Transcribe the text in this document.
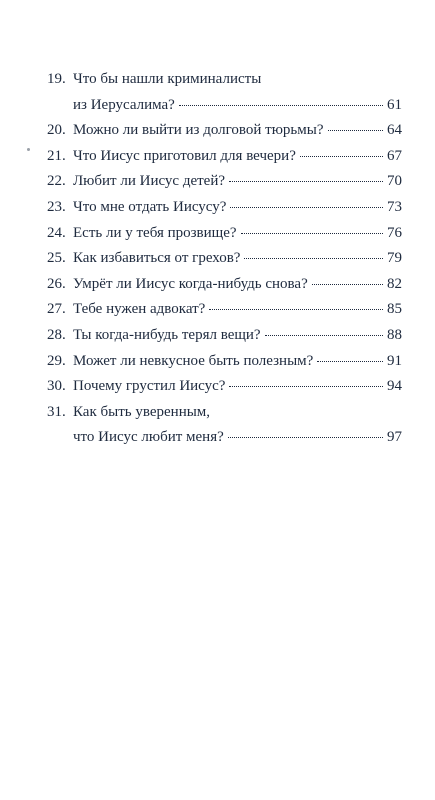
19. Что бы нашли криминалисты
из Иерусалима?	61
20. Можно ли выйти из долговой тюрьмы?	64
21. Что Иисус приготовил для вечери?	67
22. Любит ли Иисус детей?	70
23. Что мне отдать Иисусу?	73
24. Есть ли у тебя прозвище?	76
25. Как избавиться от грехов?	79
26. Умрёт ли Иисус когда-нибудь снова?	82
27. Тебе нужен адвокат?	85
28. Ты когда-нибудь терял вещи?	88
29. Может ли невкусное быть полезным?	91
30. Почему грустил Иисус?	94
31. Как быть уверенным,
что Иисус любит меня?	97
